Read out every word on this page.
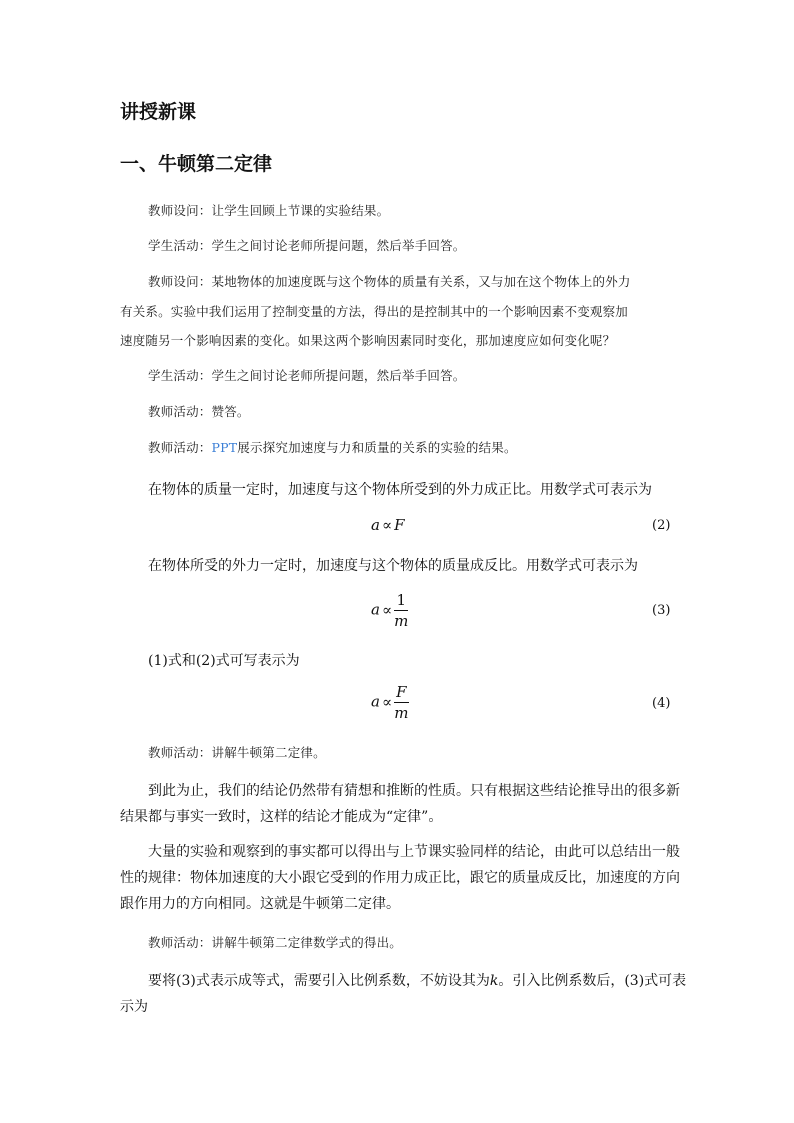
讲授新课
一、牛顿第二定律
教师设问：让学生回顾上节课的实验结果。
学生活动：学生之间讨论老师所提问题，然后举手回答。
教师设问：某地物体的加速度既与这个物体的质量有关系，又与加在这个物体上的外力
有关系。实验中我们运用了控制变量的方法，得出的是控制其中的一个影响因素不变观察加
速度随另一个影响因素的变化。如果这两个影响因素同时变化，那加速度应如何变化呢？
学生活动：学生之间讨论老师所提问题，然后举手回答。
教师活动：赞答。
教师活动：PPT展示探究加速度与力和质量的关系的实验的结果。
在物体的质量一定时，加速度与这个物体所受到的外力成正比。用数学式可表示为
a ∝ F	(2)
在物体所受的外力一定时，加速度与这个物体的质量成反比。用数学式可表示为
$a \propto \frac{1}{m}$	(3)
(1)式和(2)式可写表示为
$a \propto \frac{F}{m}$	(4)
教师活动：讲解牛顿第二定律。
到此为止，我们的结论仍然带有猜想和推断的性质。只有根据这些结论推导出的很多新
结果都与事实一致时，这样的结论才能成为“定律”。
大量的实验和观察到的事实都可以得出与上节课实验同样的结论，由此可以总结出一般
性的规律：物体加速度的大小跟它受到的作用力成正比，跟它的质量成反比，加速度的方向
跟作用力的方向相同。这就是牛顿第二定律。
教师活动：讲解牛顿第二定律数学式的得出。
要将(3)式表示成等式，需要引入比例系数，不妨设其为k。引入比例系数后，(3)式可表
示为
